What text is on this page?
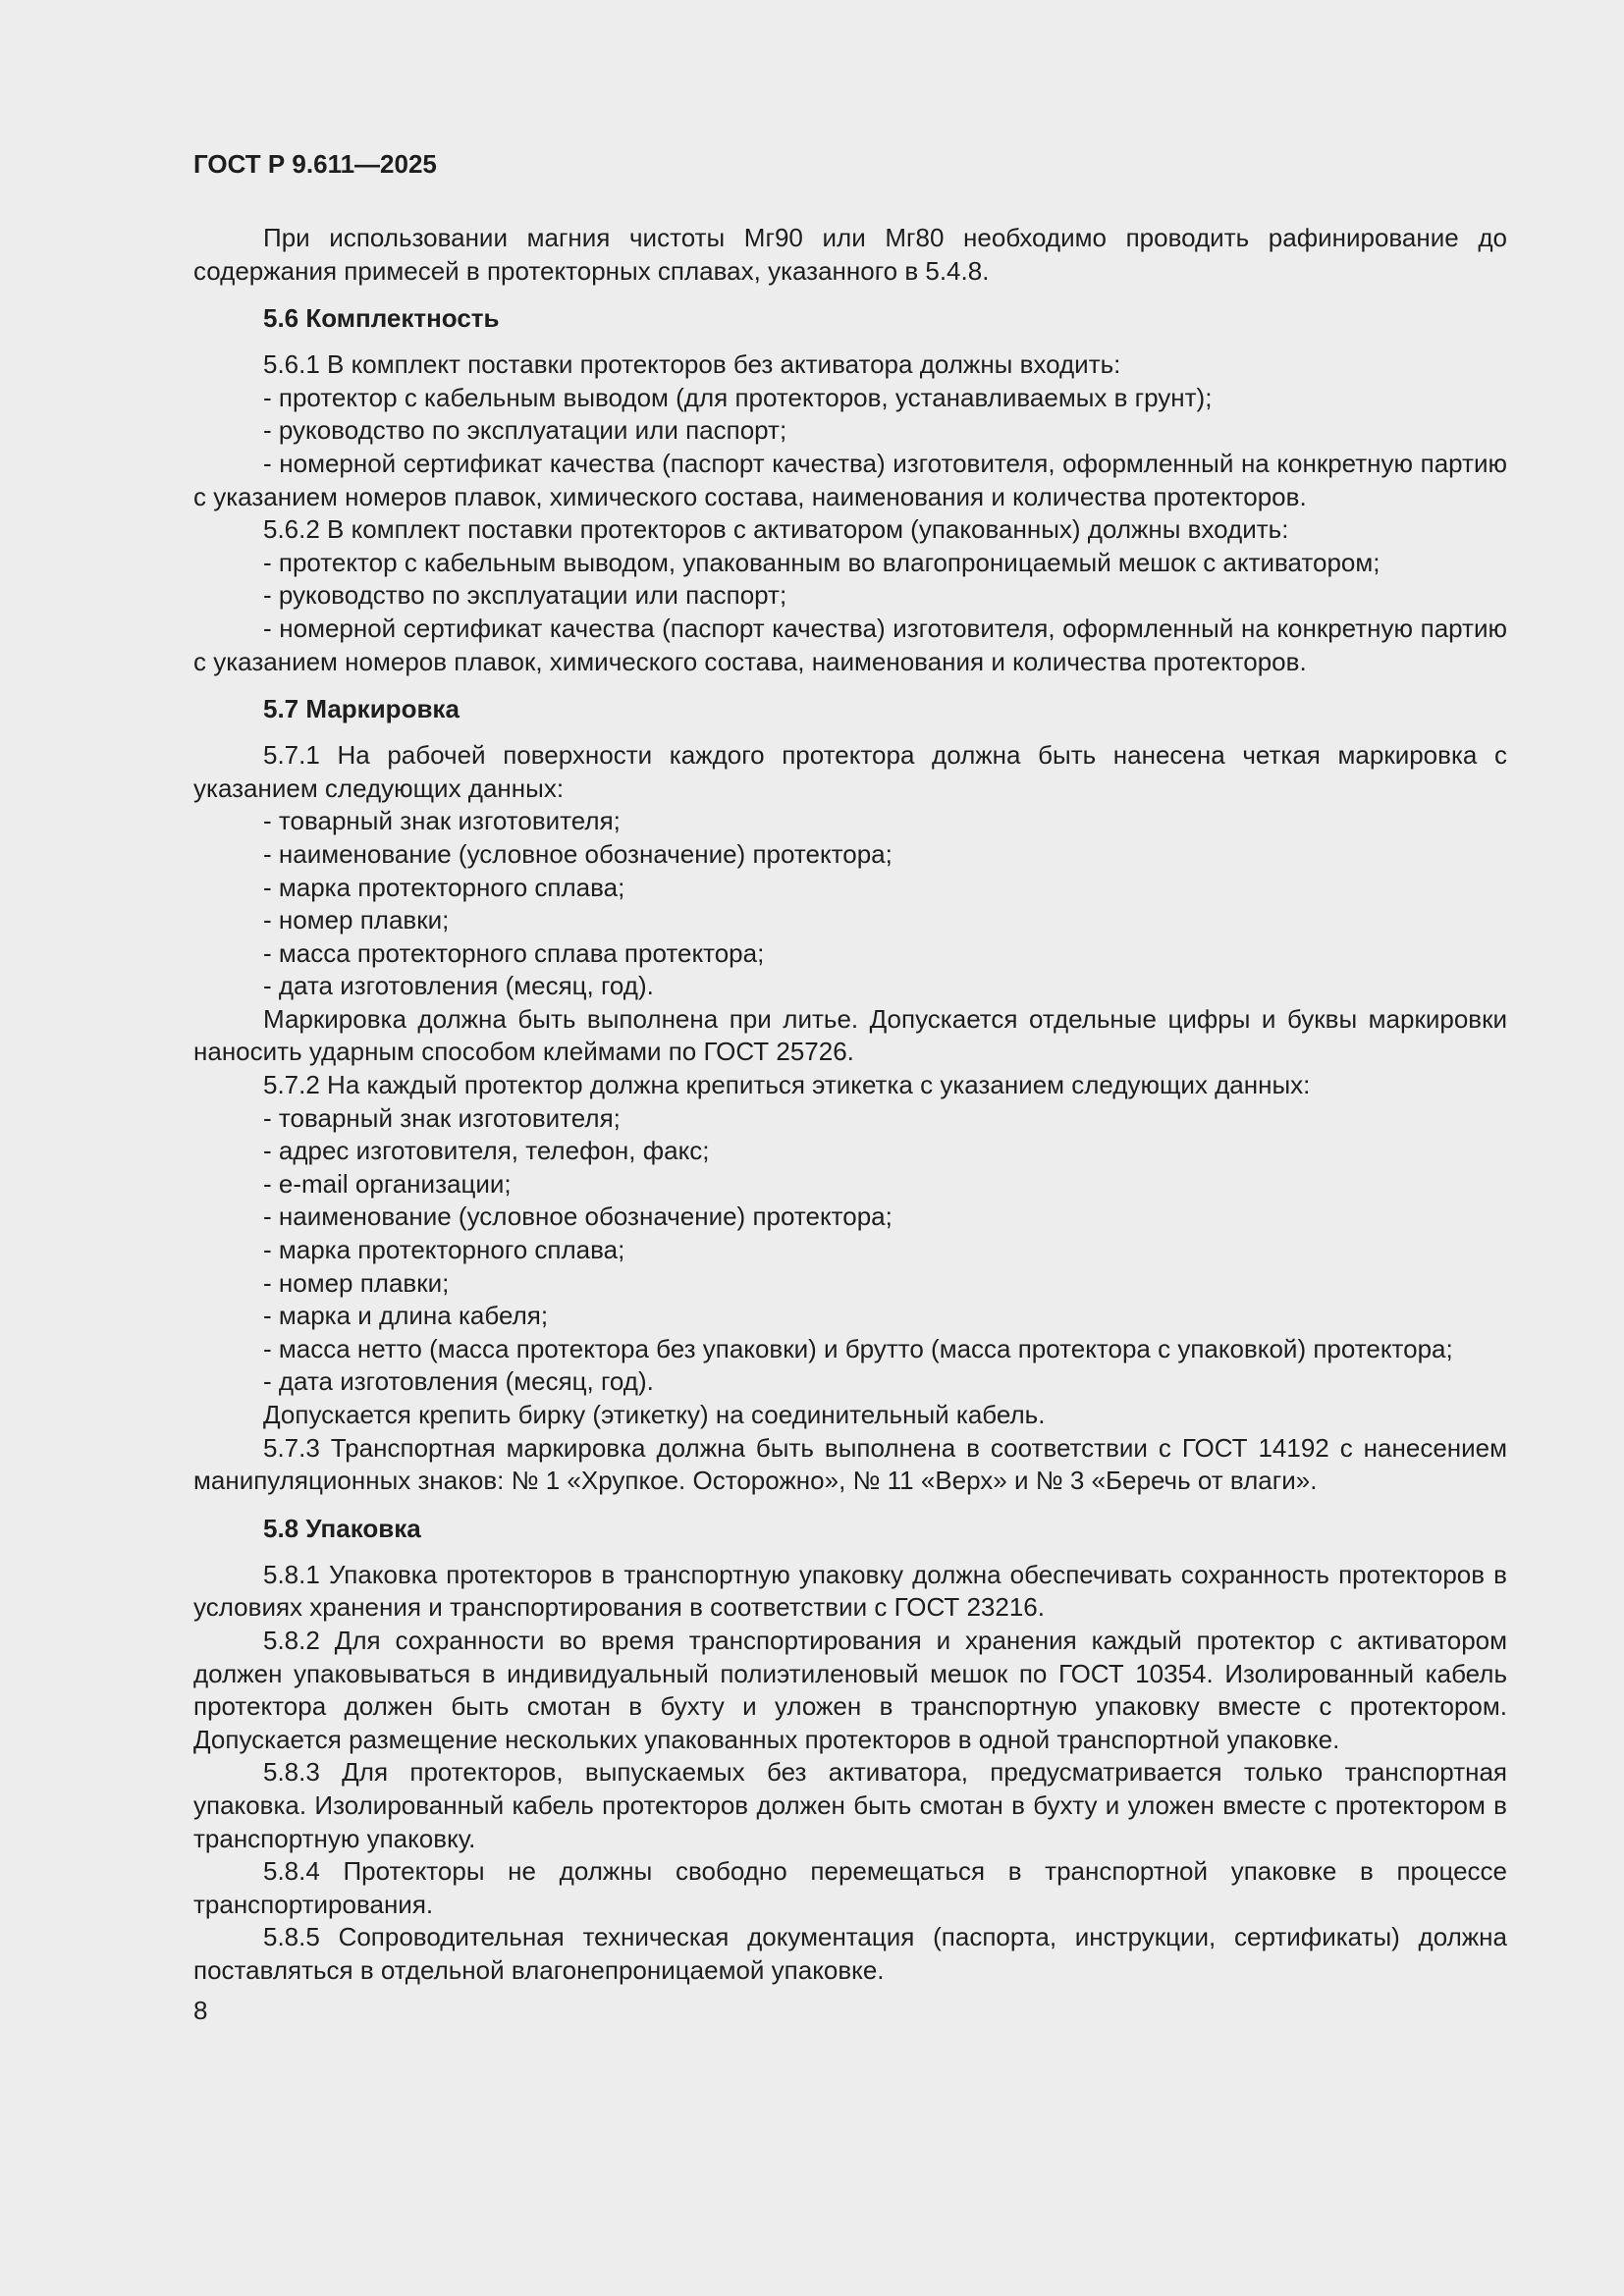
ГОСТ Р 9.611—2025

При использовании магния чистоты Мг90 или Мг80 необходимо проводить рафинирование до содержания примесей в протекторных сплавах, указанного в 5.4.8.

5.6 Комплектность

5.6.1 В комплект поставки протекторов без активатора должны входить:

- протектор с кабельным выводом (для протекторов, устанавливаемых в грунт);

- руководство по эксплуатации или паспорт;

- номерной сертификат качества (паспорт качества) изготовителя, оформленный на конкретную партию с указанием номеров плавок, химического состава, наименования и количества протекторов.

5.6.2 В комплект поставки протекторов с активатором (упакованных) должны входить:

- протектор с кабельным выводом, упакованным во влагопроницаемый мешок с активатором;

- руководство по эксплуатации или паспорт;

- номерной сертификат качества (паспорт качества) изготовителя, оформленный на конкретную партию с указанием номеров плавок, химического состава, наименования и количества протекторов.

5.7 Маркировка

5.7.1 На рабочей поверхности каждого протектора должна быть нанесена четкая маркировка с указанием следующих данных:

- товарный знак изготовителя;

- наименование (условное обозначение) протектора;

- марка протекторного сплава;

- номер плавки;

- масса протекторного сплава протектора;

- дата изготовления (месяц, год).

Маркировка должна быть выполнена при литье. Допускается отдельные цифры и буквы маркировки наносить ударным способом клеймами по ГОСТ 25726.

5.7.2 На каждый протектор должна крепиться этикетка с указанием следующих данных:

- товарный знак изготовителя;

- адрес изготовителя, телефон, факс;

- e-mail организации;

- наименование (условное обозначение) протектора;

- марка протекторного сплава;

- номер плавки;

- марка и длина кабеля;

- масса нетто (масса протектора без упаковки) и брутто (масса протектора с упаковкой) протектора;

- дата изготовления (месяц, год).

Допускается крепить бирку (этикетку) на соединительный кабель.

5.7.3 Транспортная маркировка должна быть выполнена в соответствии с ГОСТ 14192 с нанесением манипуляционных знаков: № 1 «Хрупкое. Осторожно», № 11 «Верх» и № 3 «Беречь от влаги».

5.8 Упаковка

5.8.1 Упаковка протекторов в транспортную упаковку должна обеспечивать сохранность протекторов в условиях хранения и транспортирования в соответствии с ГОСТ 23216.

5.8.2 Для сохранности во время транспортирования и хранения каждый протектор с активатором должен упаковываться в индивидуальный полиэтиленовый мешок по ГОСТ 10354. Изолированный кабель протектора должен быть смотан в бухту и уложен в транспортную упаковку вместе с протектором. Допускается размещение нескольких упакованных протекторов в одной транспортной упаковке.

5.8.3 Для протекторов, выпускаемых без активатора, предусматривается только транспортная упаковка. Изолированный кабель протекторов должен быть смотан в бухту и уложен вместе с протектором в транспортную упаковку.

5.8.4 Протекторы не должны свободно перемещаться в транспортной упаковке в процессе транспортирования.

5.8.5 Сопроводительная техническая документация (паспорта, инструкции, сертификаты) должна поставляться в отдельной влагонепроницаемой упаковке.

8
